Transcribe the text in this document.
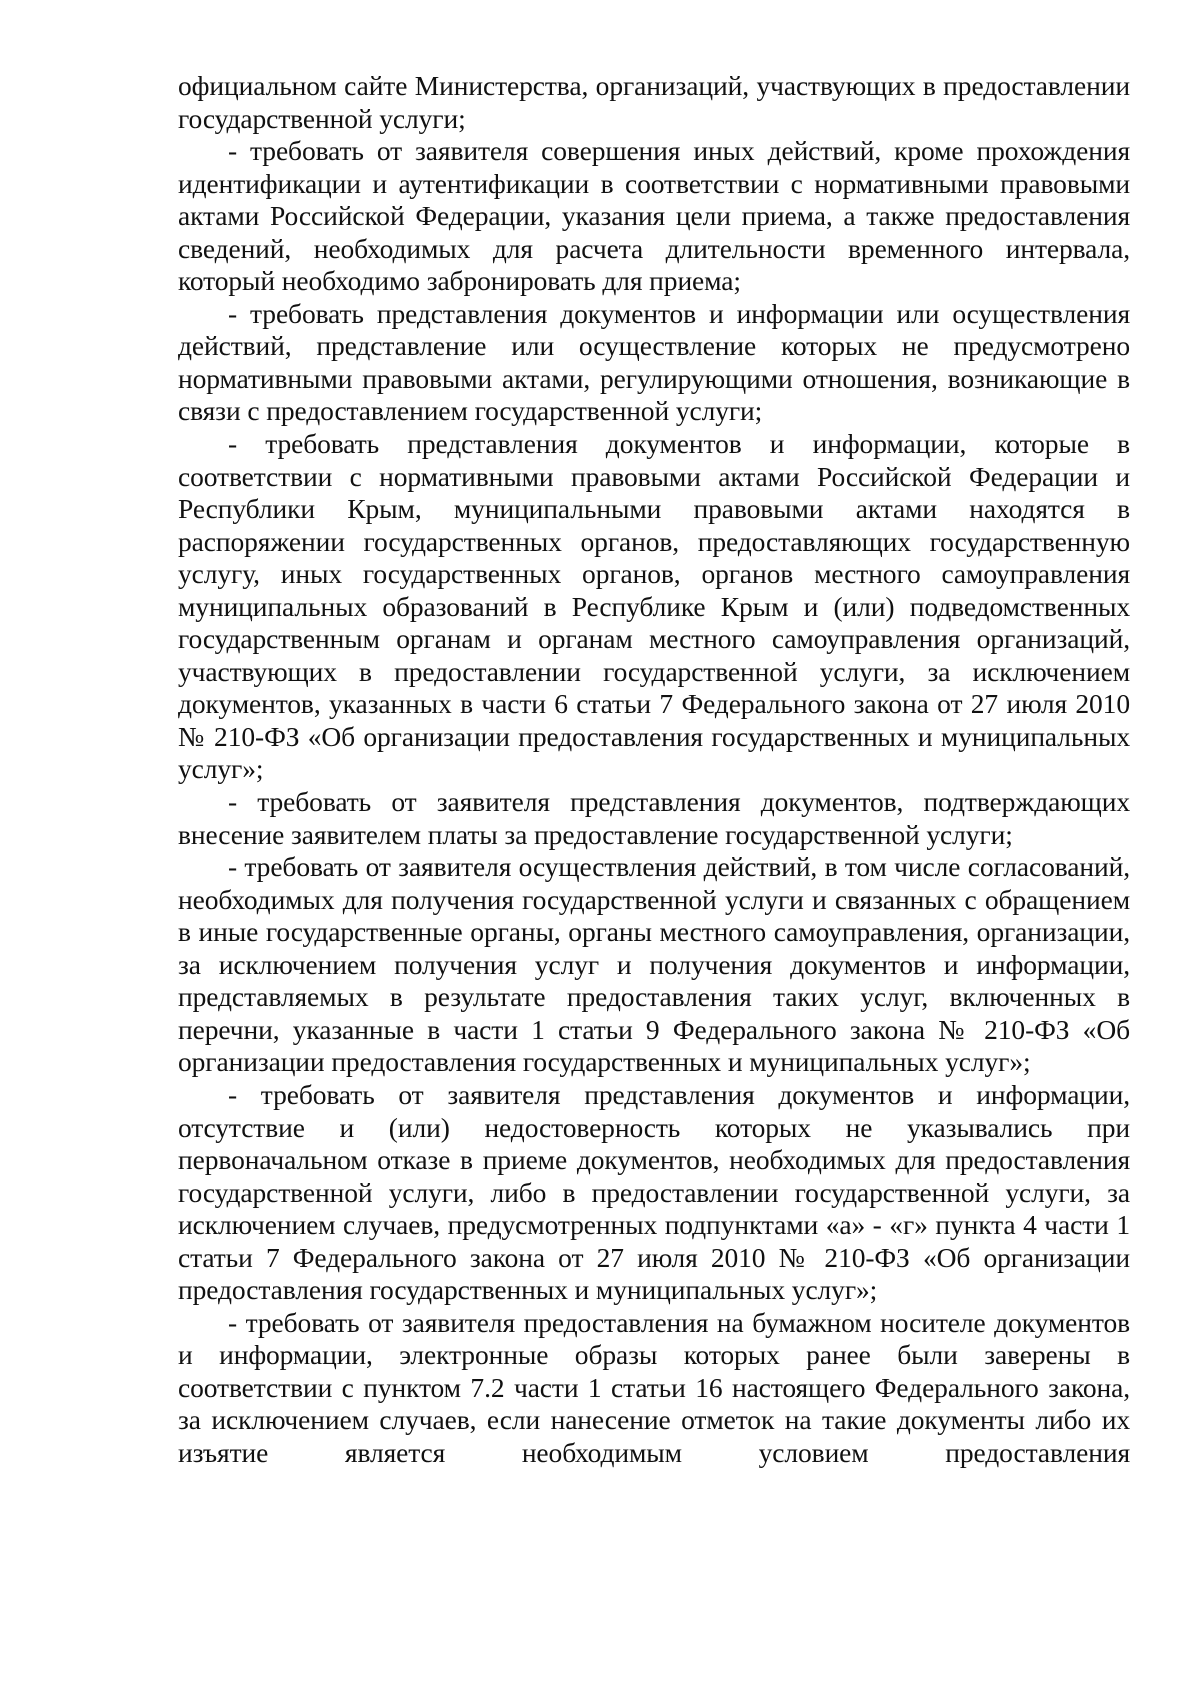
официальном сайте Министерства, организаций, участвующих в предоставлении государственной услуги;

- требовать от заявителя совершения иных действий, кроме прохождения идентификации и аутентификации в соответствии с нормативными правовыми актами Российской Федерации, указания цели приема, а также предоставления сведений, необходимых для расчета длительности временного интервала, который необходимо забронировать для приема;

- требовать представления документов и информации или осуществления действий, представление или осуществление которых не предусмотрено нормативными правовыми актами, регулирующими отношения, возникающие в связи с предоставлением государственной услуги;

- требовать представления документов и информации, которые в соответствии с нормативными правовыми актами Российской Федерации и Республики Крым, муниципальными правовыми актами находятся в распоряжении государственных органов, предоставляющих государственную услугу, иных государственных органов, органов местного самоуправления муниципальных образований в Республике Крым и (или) подведомственных государственным органам и органам местного самоуправления организаций, участвующих в предоставлении государственной услуги, за исключением документов, указанных в части 6 статьи 7 Федерального закона от 27 июля 2010 № 210-ФЗ «Об организации предоставления государственных и муниципальных услуг»;

- требовать от заявителя представления документов, подтверждающих внесение заявителем платы за предоставление государственной услуги;

- требовать от заявителя осуществления действий, в том числе согласований, необходимых для получения государственной услуги и связанных с обращением в иные государственные органы, органы местного самоуправления, организации, за исключением получения услуг и получения документов и информации, представляемых в результате предоставления таких услуг, включенных в перечни, указанные в части 1 статьи 9 Федерального закона № 210-ФЗ «Об организации предоставления государственных и муниципальных услуг»;

- требовать от заявителя представления документов и информации, отсутствие и (или) недостоверность которых не указывались при первоначальном отказе в приеме документов, необходимых для предоставления государственной услуги, либо в предоставлении государственной услуги, за исключением случаев, предусмотренных подпунктами «а» - «г» пункта 4 части 1 статьи 7 Федерального закона от 27 июля 2010 № 210-ФЗ «Об организации предоставления государственных и муниципальных услуг»;

- требовать от заявителя предоставления на бумажном носителе документов и информации, электронные образы которых ранее были заверены в соответствии с пунктом 7.2 части 1 статьи 16 настоящего Федерального закона, за исключением случаев, если нанесение отметок на такие документы либо их изъятие является необходимым условием предоставления
